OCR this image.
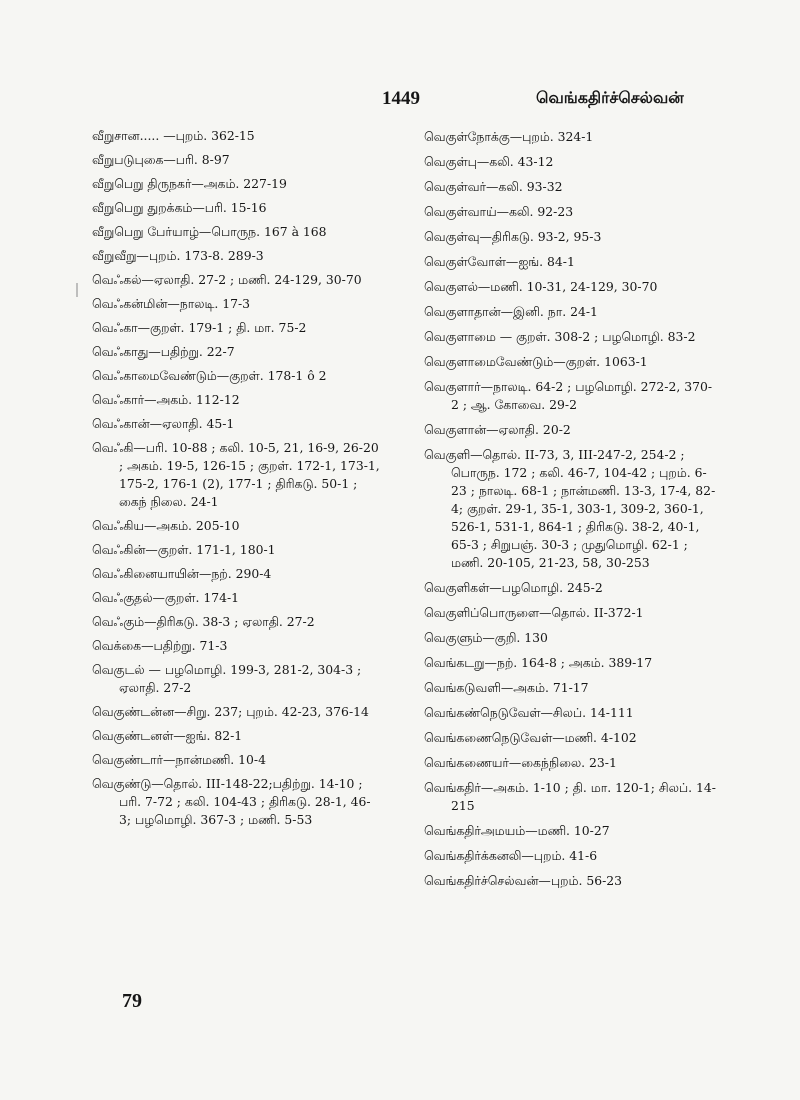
1449	வெங்கதிர்ச்செல்வன்
வீறுசான..... —புறம். 362-15
வீறுபடுபுகை—பரி. 8-97
வீறுபெறு திருநகர்—அகம். 227-19
வீறுபெறு துறக்கம்—பரி. 15-16
வீறுபெறு பேர்யாழ்—பொருந. 167 à 168
வீறுவீறு—புறம். 173-8. 289-3
வெஃகல்—ஏலாதி. 27-2 ; மணி. 24-129, 30-70
வெஃகன்மின்—நாலடி. 17-3
வெஃகா—குறள். 179-1 ; தி. மா. 75-2
வெஃகாது—பதிற்று. 22-7
வெஃகாமைவேண்டும்—குறள். 178-1 ô 2
வெஃகார்—அகம். 112-12
வெஃகான்—ஏலாதி. 45-1
வெஃகி—பரி. 10-88 ; கலி. 10-5, 21, 16-9, 26-20 ; அகம். 19-5, 126-15 ; குறள். 172-1, 173-1, 175-2, 176-1 (2), 177-1 ; திரிகடு. 50-1 ; கைந் நிலை. 24-1
வெஃகிய—அகம். 205-10
வெஃகின்—குறள். 171-1, 180-1
வெஃகினையாயின்—நற். 290-4
வெஃகுதல்—குறள். 174-1
வெஃகும்—திரிகடு. 38-3 ; ஏலாதி. 27-2
வெக்கை—பதிற்று. 71-3
வெகுடல் — பழமொழி. 199-3, 281-2, 304-3 ; ஏலாதி. 27-2
வெகுண்டன்ன—சிறு. 237; புறம். 42-23, 376-14
வெகுண்டனள்—ஐங். 82-1
வெகுண்டார்—நான்மணி. 10-4
வெகுண்டு—தொல். III-148-22;பதிற்று. 14-10 ; பரி. 7-72 ; கலி. 104-43 ; திரிகடு. 28-1, 46-3; பழமொழி. 367-3 ; மணி. 5-53
வெகுள்நோக்கு—புறம். 324-1
வெகுள்பு—கலி. 43-12
வெகுள்வர்—கலி. 93-32
வெகுள்வாய்—கலி. 92-23
வெகுள்வு—திரிகடு. 93-2, 95-3
வெகுள்வோள்—ஐங். 84-1
வெகுளல்—மணி. 10-31, 24-129, 30-70
வெகுளாதான்—இனி. நா. 24-1
வெகுளாமை — குறள். 308-2 ; பழமொழி. 83-2
வெகுளாமைவேண்டும்—குறள். 1063-1
வெகுளார்—நாலடி. 64-2 ; பழமொழி. 272-2, 370-2 ; ஆ. கோவை. 29-2
வெகுளான்—ஏலாதி. 20-2
வெகுளி—தொல். II-73, 3, III-247-2, 254-2 ; பொருந. 172 ; கலி. 46-7, 104-42 ; புறம். 6-23 ; நாலடி. 68-1 ; நான்மணி. 13-3, 17-4, 82-4; குறள். 29-1, 35-1, 303-1, 309-2, 360-1, 526-1, 531-1, 864-1 ; திரிகடு. 38-2, 40-1, 65-3 ; சிறுபஞ். 30-3 ; முதுமொழி. 62-1 ; மணி. 20-105, 21-23, 58, 30-253
வெகுளிகள்—பழமொழி. 245-2
வெகுளிப்பொருளை—தொல். II-372-1
வெகுளும்—குறி. 130
வெங்கடறு—நற். 164-8 ; அகம். 389-17
வெங்கடுவளி—அகம். 71-17
வெங்கண்நெடுவேள்—சிலப். 14-111
வெங்கணைநெடுவேள்—மணி. 4-102
வெங்கணையர்—கைந்நிலை. 23-1
வெங்கதிர்—அகம். 1-10 ; தி. மா. 120-1; சிலப். 14-215
வெங்கதிர்அமயம்—மணி. 10-27
வெங்கதிர்க்கனலி—புறம். 41-6
வெங்கதிர்ச்செல்வன்—புறம். 56-23
79
